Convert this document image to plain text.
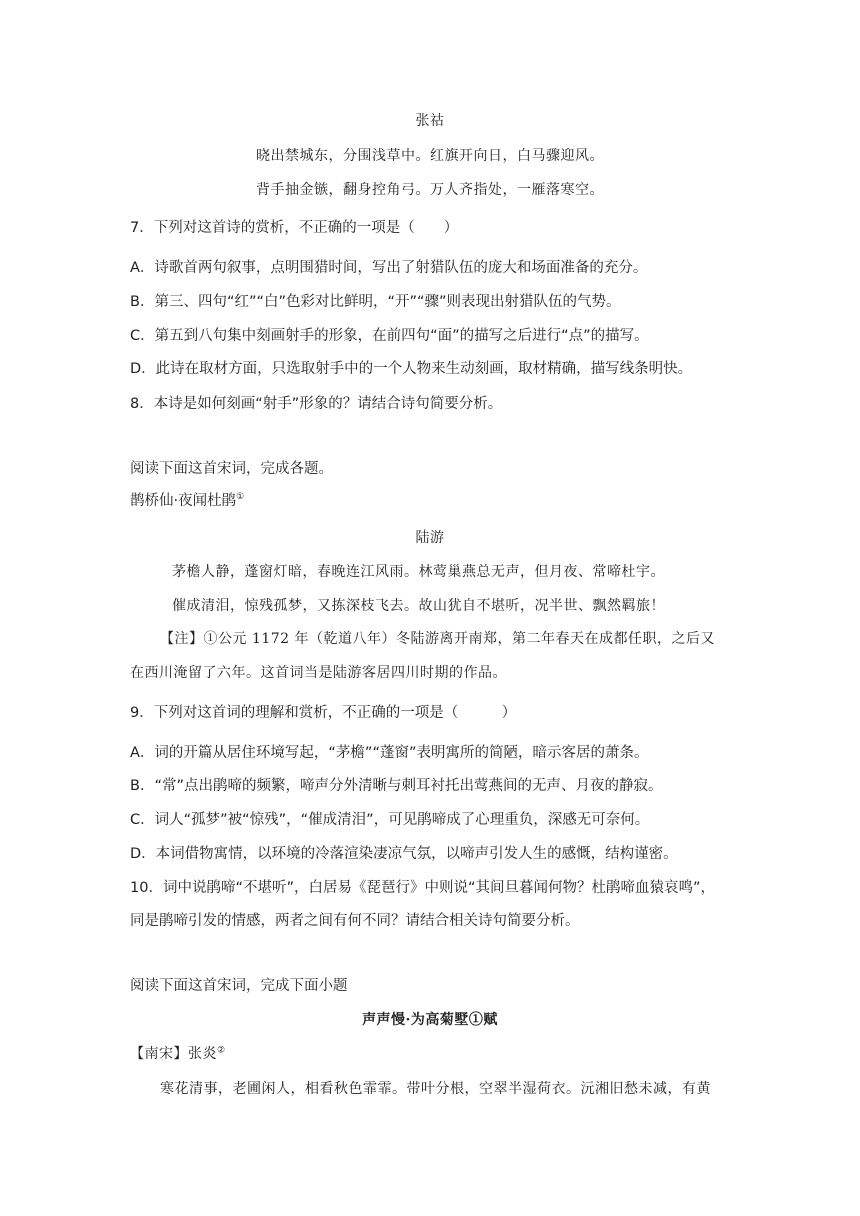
张祜
晓出禁城东，分围浅草中。红旗开向日，白马骤迎风。
背手抽金镞，翻身控角弓。万人齐指处，一雁落寒空。
7．下列对这首诗的赏析，不正确的一项是（　　）
A．诗歌首两句叙事，点明围猎时间，写出了射猎队伍的庞大和场面准备的充分。
B．第三、四句“红”“白”色彩对比鲜明，“开”“骤”则表现出射猎队伍的气势。
C．第五到八句集中刻画射手的形象，在前四句“面”的描写之后进行“点”的描写。
D．此诗在取材方面，只选取射手中的一个人物来生动刻画，取材精确，描写线条明快。
8．本诗是如何刻画“射手”形象的？请结合诗句简要分析。
阅读下面这首宋词，完成各题。
鹊桥仙·夜闻杜鹃①
陆游
茅檐人静，蓬窗灯暗，春晚连江风雨。林莺巢燕总无声，但月夜、常啼杜宇。
催成清泪，惊残孤梦，又拣深枝飞去。故山犹自不堪听，况半世、飘然羁旅！
【注】①公元 1172 年（乾道八年）冬陆游离开南郑，第二年春天在成都任职，之后又
在西川淹留了六年。这首词当是陆游客居四川时期的作品。
9．下列对这首词的理解和赏析，不正确的一项是（　　　）
A．词的开篇从居住环境写起，“茅檐”“蓬窗”表明寓所的简陋，暗示客居的萧条。
B．“常”点出鹃啼的频繁，啼声分外清晰与刺耳衬托出莺燕间的无声、月夜的静寂。
C．词人“孤梦”被“惊残”，“催成清泪”，可见鹃啼成了心理重负，深感无可奈何。
D．本词借物寓情，以环境的冷落渲染凄凉气氛，以啼声引发人生的感慨，结构谨密。
10．词中说鹃啼“不堪听”，白居易《琵琶行》中则说“其间旦暮闻何物？杜鹃啼血猿哀鸣”，
同是鹃啼引发的情感，两者之间有何不同？请结合相关诗句简要分析。
阅读下面这首宋词，完成下面小题
声声慢·为高菊墅①赋
【南宋】张炎②
寒花清事，老圃闲人，相看秋色霏霏。带叶分根，空翠半湿荷衣。沅湘旧愁未减，有黄
